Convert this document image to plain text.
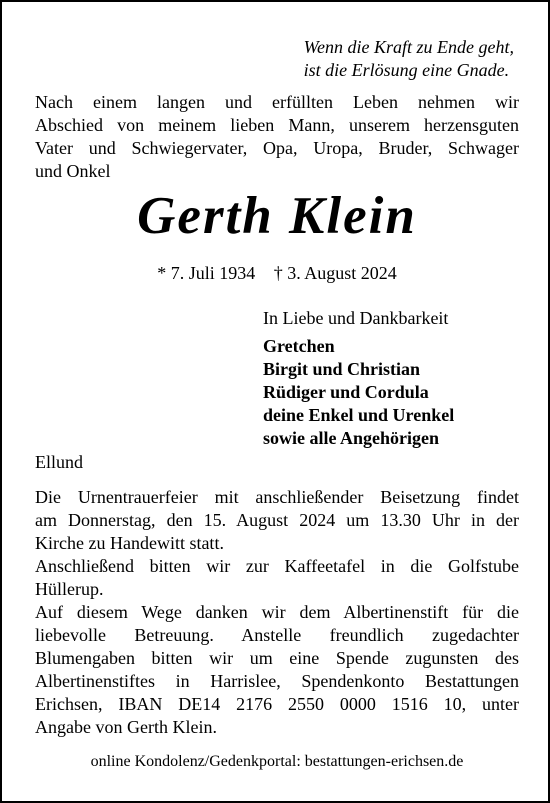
Wenn die Kraft zu Ende geht,
ist die Erlösung eine Gnade.
Nach einem langen und erfüllten Leben nehmen wir
Abschied von meinem lieben Mann, unserem herzensguten
Vater und Schwiegervater, Opa, Uropa, Bruder, Schwager
und Onkel
Gerth Klein
* 7. Juli 1934 † 3. August 2024
In Liebe und Dankbarkeit
Gretchen
Birgit und Christian
Rüdiger und Cordula
deine Enkel und Urenkel
sowie alle Angehörigen
Ellund
Die Urnentrauerfeier mit anschließender Beisetzung findet
am Donnerstag, den 15. August 2024 um 13.30 Uhr in der
Kirche zu Handewitt statt.
Anschließend bitten wir zur Kaffeetafel in die Golfstube
Hüllerup.
Auf diesem Wege danken wir dem Albertinenstift für die
liebevolle Betreuung. Anstelle freundlich zugedachter
Blumengaben bitten wir um eine Spende zugunsten des
Albertinenstiftes in Harrislee, Spendenkonto Bestattungen
Erichsen, IBAN DE14 2176 2550 0000 1516 10, unter
Angabe von Gerth Klein.
online Kondolenz/Gedenkportal: bestattungen-erichsen.de
